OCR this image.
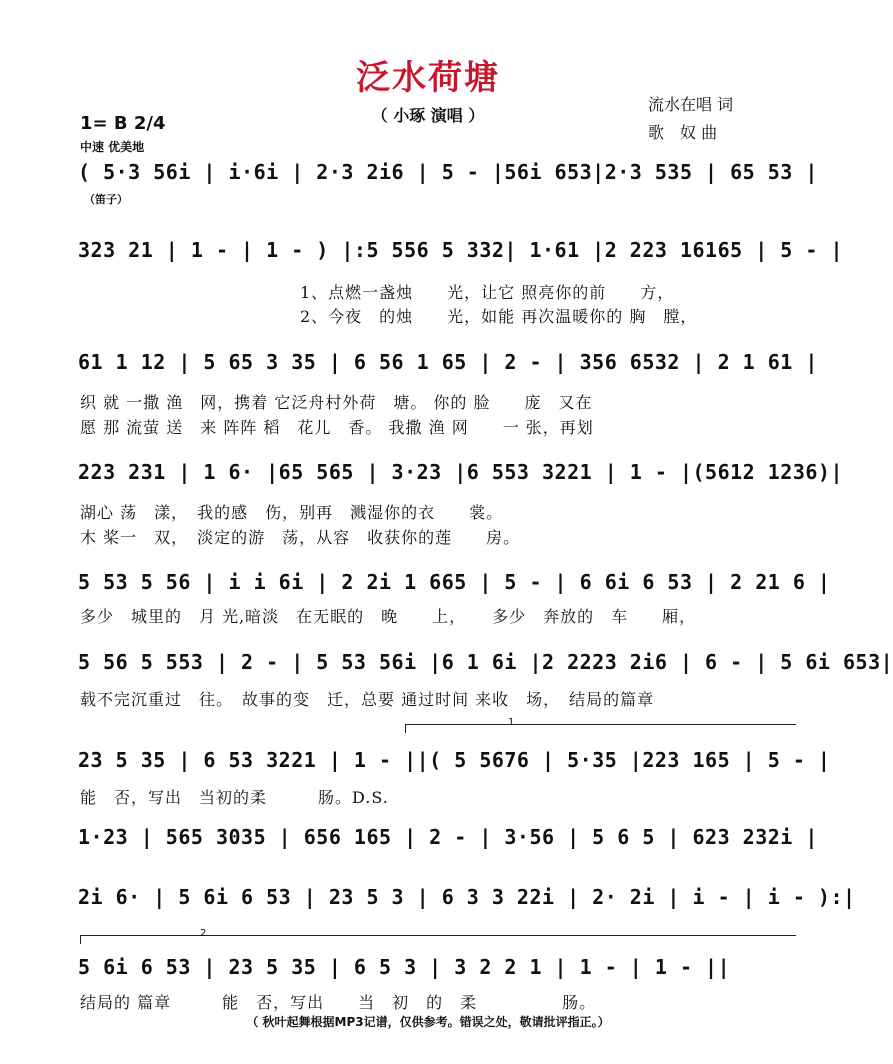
泛水荷塘
（ 小琢 演唱 ）
流水在唱 词
歌　奴 曲
1= B 2/4
中速 优美地
（笛子）
( 5·3 56i | i·6i | 2·3 2i6 | 5 - |56i 653|2·3 535 | 65 53 |
323 21 | 1 - | 1 - ) |:5 556 5 332| 1·61 |2 223 16165 | 5 - |
1、点燃一盏烛　　光，让它 照亮你的前　　方，
2、今夜　的烛　　光，如能 再次温暖你的 胸　膛，
61 1 12 | 5 65 3 35 | 6 56 1 65 | 2 - | 356 6532 | 2 1 61 |
织 就 一撒 渔　网，携着 它泛舟村外荷　塘。 你的 脸　　庞　又在
愿 那 流萤 送　来 阵阵 稻　花儿　香。 我撒 渔 网　　一 张，再划
223 231 | 1 6· |65 565 | 3·23 |6 553 3221 | 1 - |(5612 1236)|
湖心 荡　漾，　我的感　伤，别再　溅湿你的衣　　裳。
木 桨一　双，　淡定的游　荡，从容　收获你的莲　　房。
5 53 5 56 | i i 6i | 2 2i 1 665 | 5 - | 6 6i 6 53 | 2 21 6 |
多少　城里的　月 光,暗淡　在无眠的　晚　　上，　　多少　奔放的　车　　厢，
5 56 5 553 | 2 - | 5 53 56i |6 1 6i |2 2223 2i6 | 6 - | 5 6i 653|
载不完沉重过　往。　故事的变　迁，总要 通过时间 来收　场，　结局的篇章
1
23 5 35 | 6 53 3221 | 1 - ||( 5 5676 | 5·35 |223 165 | 5 - |
能　否，写出　当初的柔　　　肠。D.S.
1·23 | 565 3035 | 656 165 | 2 - | 3·56 | 5 6 5 | 623 232i |
2i 6· | 5 6i 6 53 | 23 5 3 | 6 3 3 22i | 2· 2i | i - | i - ):|
2
5 6i 6 53 | 23 5 35 | 6 5 3 | 3 2 2 1 | 1 - | 1 - ||
结局的 篇章　　　能　否，写出　　当　初　的　柔　　　　　肠。
（ 秋叶起舞根据MP3记谱，仅供参考。错误之处，敬请批评指正。）
